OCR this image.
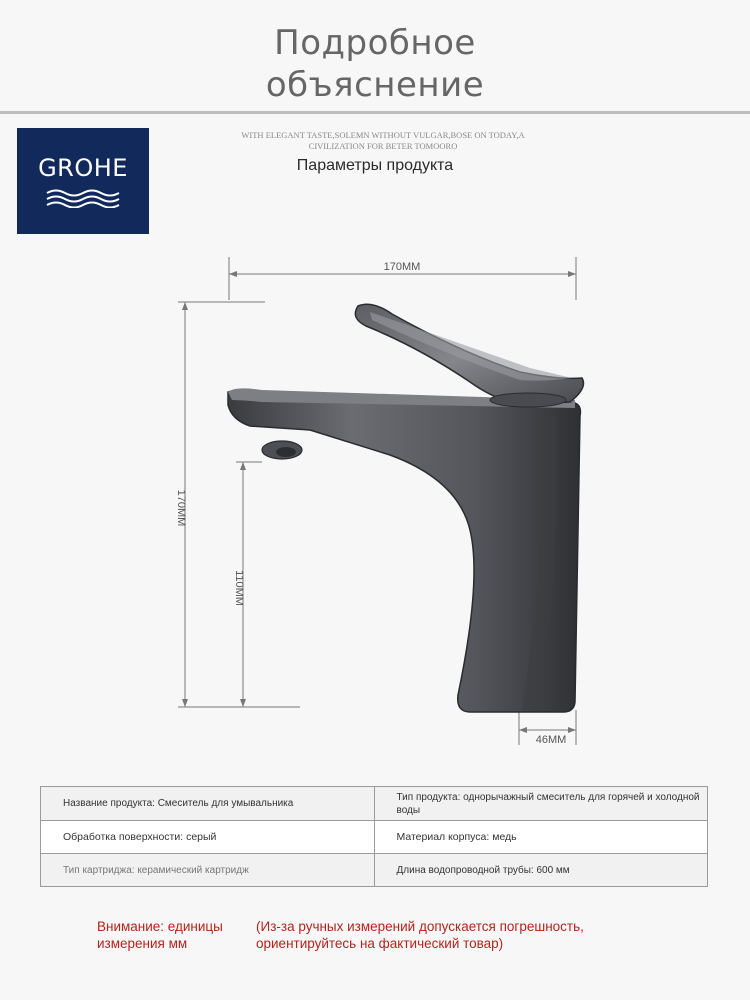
Подробное
объяснение
GROHE
WITH ELEGANT TASTE,SOLEMN WITHOUT VULGAR,BOSE ON TODAY,A
CIVILIZATION FOR BETER TOMOORO
Параметры продукта
170MM
170MM
110MM
46MM
Название продукта: Смеситель для умывальника	Тип продукта: однорычажный смеситель для горячей и холодной воды
Обработка поверхности: серый	Материал корпуса: медь
Тип картриджа: керамический картридж	Длина водопроводной трубы: 600 мм
Внимание: единицы измерения мм
(Из-за ручных измерений допускается погрешность, ориентируйтесь на фактический товар)
